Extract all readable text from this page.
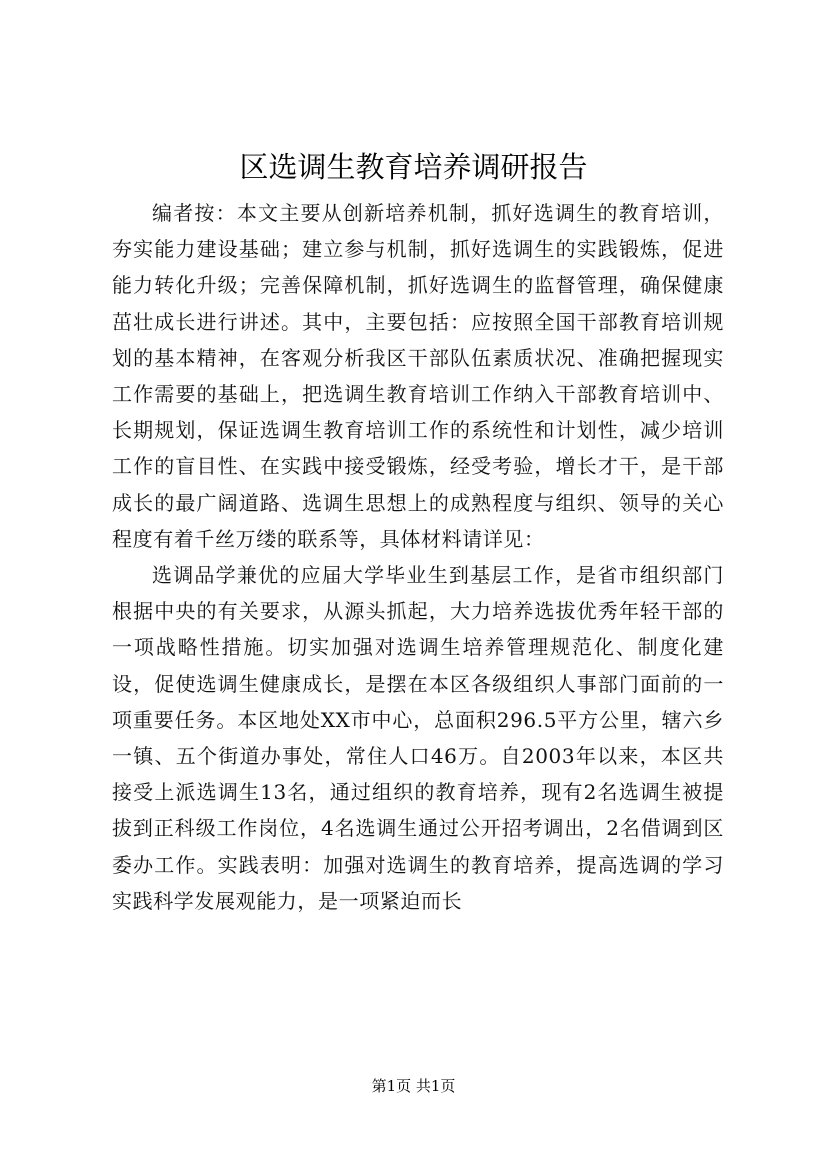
区选调生教育培养调研报告

编者按：本文主要从创新培养机制，抓好选调生的教育培训，夯实能力建设基础；建立参与机制，抓好选调生的实践锻炼，促进能力转化升级；完善保障机制，抓好选调生的监督管理，确保健康茁壮成长进行讲述。其中，主要包括：应按照全国干部教育培训规划的基本精神，在客观分析我区干部队伍素质状况、准确把握现实工作需要的基础上，把选调生教育培训工作纳入干部教育培训中、长期规划，保证选调生教育培训工作的系统性和计划性，减少培训工作的盲目性、在实践中接受锻炼，经受考验，增长才干，是干部成长的最广阔道路、选调生思想上的成熟程度与组织、领导的关心程度有着千丝万缕的联系等，具体材料请详见：

选调品学兼优的应届大学毕业生到基层工作，是省市组织部门根据中央的有关要求，从源头抓起，大力培养选拔优秀年轻干部的一项战略性措施。切实加强对选调生培养管理规范化、制度化建设，促使选调生健康成长，是摆在本区各级组织人事部门面前的一项重要任务。本区地处XX市中心，总面积296.5平方公里，辖六乡一镇、五个街道办事处，常住人口46万。自2003年以来，本区共接受上派选调生13名，通过组织的教育培养，现有2名选调生被提拔到正科级工作岗位，4名选调生通过公开招考调出，2名借调到区委办工作。实践表明：加强对选调生的教育培养，提高选调的学习实践科学发展观能力，是一项紧迫而长

第1页 共1页
